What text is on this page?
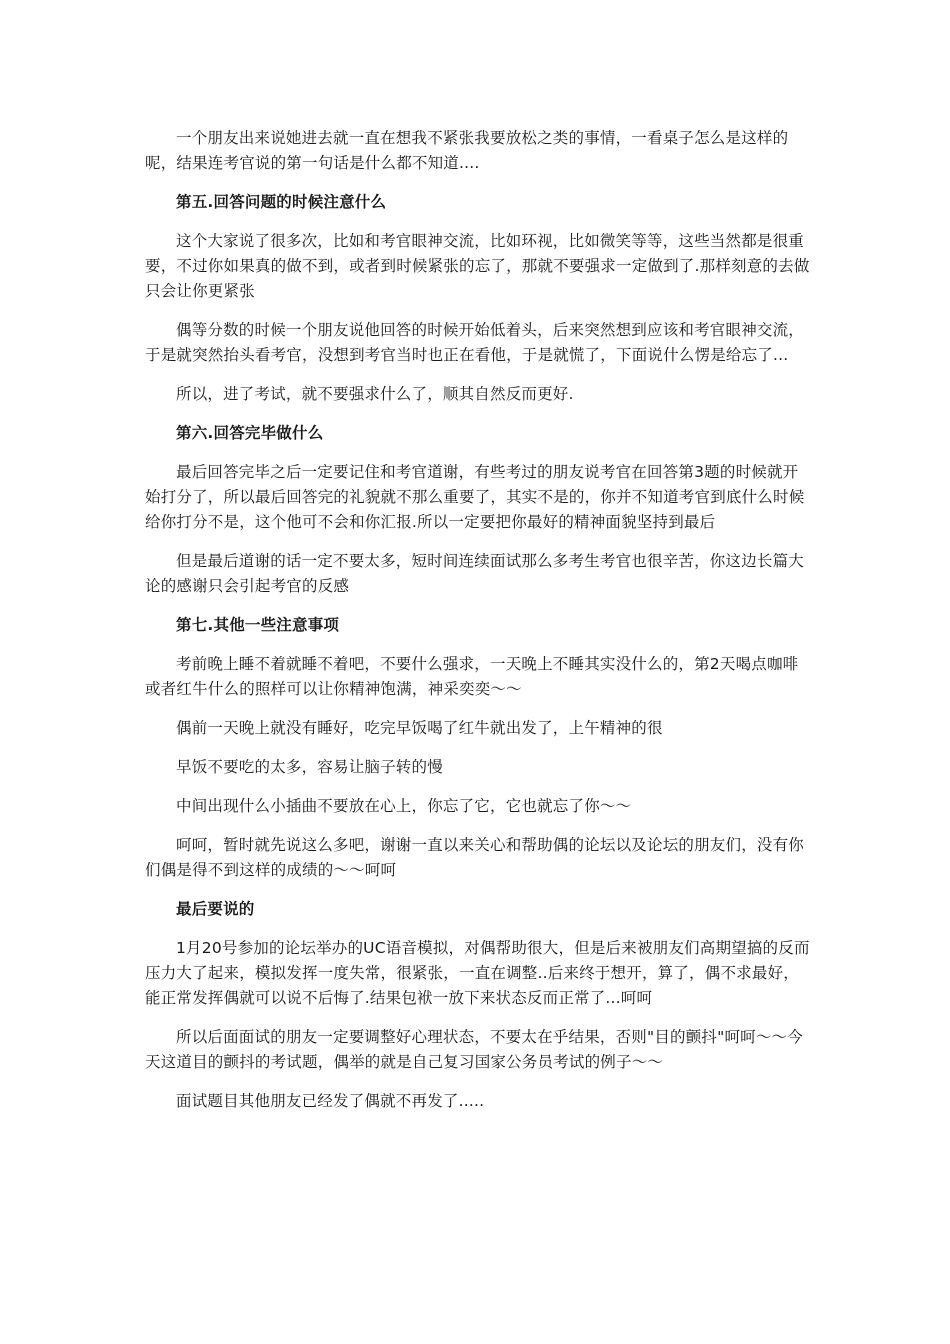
一个朋友出来说她进去就一直在想我不紧张我要放松之类的事情，一看桌子怎么是这样的呢，结果连考官说的第一句话是什么都不知道....

第五.回答问题的时候注意什么

这个大家说了很多次，比如和考官眼神交流，比如环视，比如微笑等等，这些当然都是很重要，不过你如果真的做不到，或者到时候紧张的忘了，那就不要强求一定做到了.那样刻意的去做只会让你更紧张

偶等分数的时候一个朋友说他回答的时候开始低着头，后来突然想到应该和考官眼神交流，于是就突然抬头看考官，没想到考官当时也正在看他，于是就慌了，下面说什么愣是给忘了...

所以，进了考试，就不要强求什么了，顺其自然反而更好.

第六.回答完毕做什么

最后回答完毕之后一定要记住和考官道谢，有些考过的朋友说考官在回答第3题的时候就开始打分了，所以最后回答完的礼貌就不那么重要了，其实不是的，你并不知道考官到底什么时候给你打分不是，这个他可不会和你汇报.所以一定要把你最好的精神面貌坚持到最后

但是最后道谢的话一定不要太多，短时间连续面试那么多考生考官也很辛苦，你这边长篇大论的感谢只会引起考官的反感

第七.其他一些注意事项

考前晚上睡不着就睡不着吧，不要什么强求，一天晚上不睡其实没什么的，第2天喝点咖啡或者红牛什么的照样可以让你精神饱满，神采奕奕～～

偶前一天晚上就没有睡好，吃完早饭喝了红牛就出发了，上午精神的很

早饭不要吃的太多，容易让脑子转的慢

中间出现什么小插曲不要放在心上，你忘了它，它也就忘了你～～

呵呵，暂时就先说这么多吧，谢谢一直以来关心和帮助偶的论坛以及论坛的朋友们，没有你们偶是得不到这样的成绩的～～呵呵

最后要说的

1月20号参加的论坛举办的UC语音模拟，对偶帮助很大，但是后来被朋友们高期望搞的反而压力大了起来，模拟发挥一度失常，很紧张，一直在调整..后来终于想开，算了，偶不求最好，能正常发挥偶就可以说不后悔了.结果包袱一放下来状态反而正常了...呵呵

所以后面面试的朋友一定要调整好心理状态，不要太在乎结果，否则"目的颤抖"呵呵～～今天这道目的颤抖的考试题，偶举的就是自己复习国家公务员考试的例子～～

面试题目其他朋友已经发了偶就不再发了.....
